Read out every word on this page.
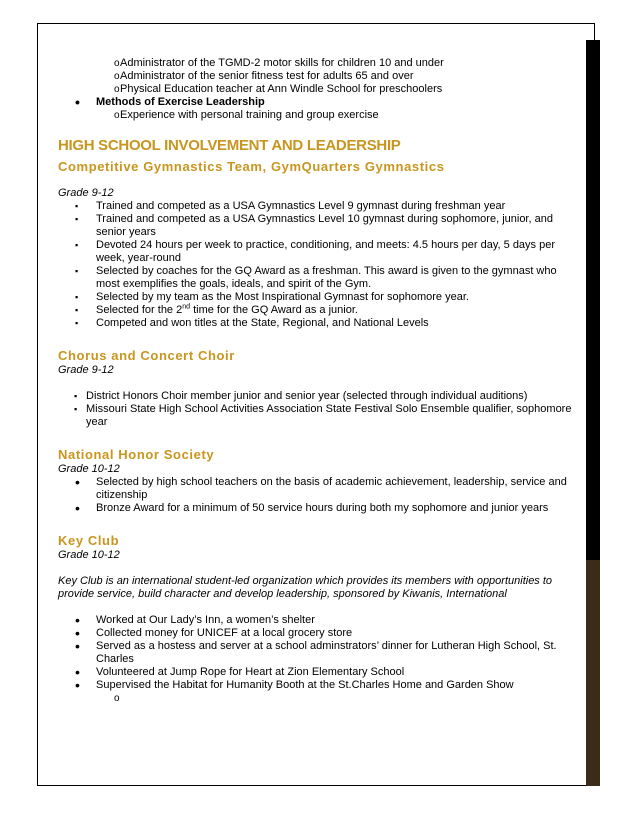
o Administrator of the TGMD-2 motor skills for children 10 and under
o Administrator of the senior fitness test for adults 65 and over
o Physical Education teacher at Ann Windle School for preschoolers
• Methods of Exercise Leadership
o Experience with personal training and group exercise
HIGH SCHOOL INVOLVEMENT AND LEADERSHIP
Competitive Gymnastics Team, GymQuarters Gymnastics
Grade 9-12
▪ Trained and competed as a USA Gymnastics Level 9 gymnast during freshman year
▪ Trained and competed as a USA Gymnastics Level 10 gymnast during sophomore, junior, and senior years
▪ Devoted 24 hours per week to practice, conditioning, and meets: 4.5 hours per day, 5 days per week, year-round
▪ Selected by coaches for the GQ Award as a freshman. This award is given to the gymnast who most exemplifies the goals, ideals, and spirit of the Gym.
▪ Selected by my team as the Most Inspirational Gymnast for sophomore year.
▪ Selected for the 2nd time for the GQ Award as a junior.
▪ Competed and won titles at the State, Regional, and National Levels
Chorus and Concert Choir
Grade 9-12
▪ District Honors Choir member junior and senior year (selected through individual auditions)
▪ Missouri State High School Activities Association State Festival Solo Ensemble qualifier, sophomore year
National Honor Society
Grade 10-12
• Selected by high school teachers on the basis of academic achievement, leadership, service and citizenship
• Bronze Award for a minimum of 50 service hours during both my sophomore and junior years
Key Club
Grade 10-12
Key Club is an international student-led organization which provides its members with opportunities to provide service, build character and develop leadership, sponsored by Kiwanis, International
• Worked at Our Lady’s Inn, a women’s shelter
• Collected money for UNICEF at a local grocery store
• Served as a hostess and server at a school adminstrators’ dinner for Lutheran High School, St. Charles
• Volunteered at Jump Rope for Heart at Zion Elementary School
• Supervised the Habitat for Humanity Booth at the St.Charles Home and Garden Show
o
